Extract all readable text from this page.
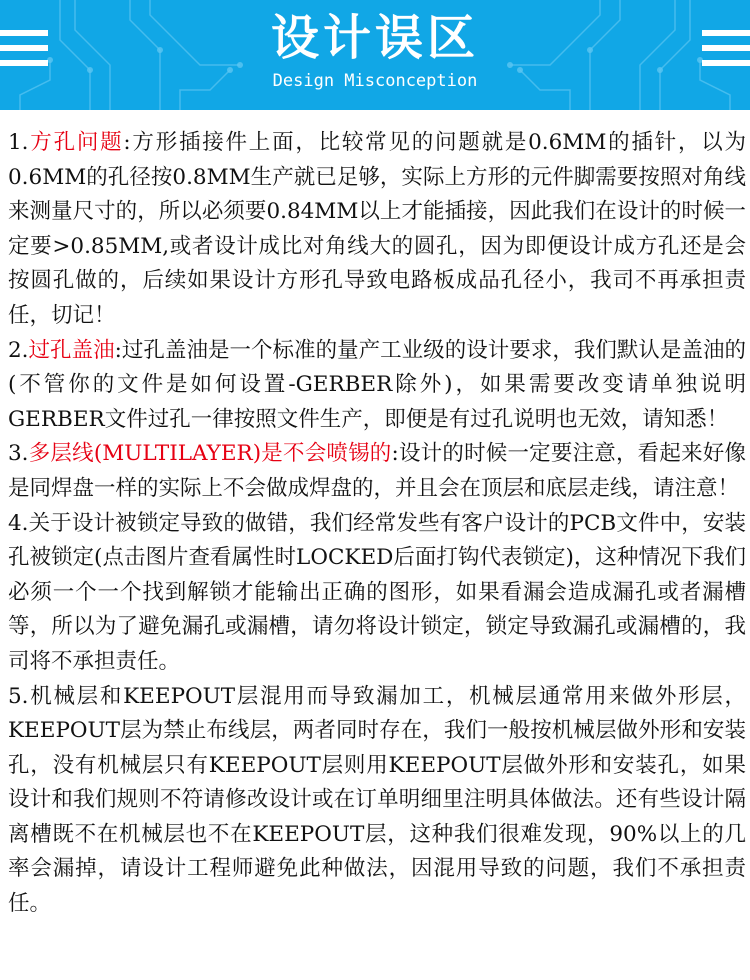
设计误区
Design Misconception

1.方孔问题:方形插接件上面，比较常见的问题就是0.6MM的插针，以为0.6MM的孔径按0.8MM生产就已足够，实际上方形的元件脚需要按照对角线来测量尺寸的，所以必须要0.84MM以上才能插接，因此我们在设计的时候一定要>0.85MM,或者设计成比对角线大的圆孔，因为即便设计成方孔还是会按圆孔做的，后续如果设计方形孔导致电路板成品孔径小，我司不再承担责任，切记！

2.过孔盖油:过孔盖油是一个标准的量产工业级的设计要求，我们默认是盖油的(不管你的文件是如何设置-GERBER除外)，如果需要改变请单独说明GERBER文件过孔一律按照文件生产，即便是有过孔说明也无效，请知悉！

3.多层线(MULTILAYER)是不会喷锡的:设计的时候一定要注意，看起来好像是同焊盘一样的实际上不会做成焊盘的，并且会在顶层和底层走线，请注意！

4.关于设计被锁定导致的做错，我们经常发些有客户设计的PCB文件中，安装孔被锁定(点击图片查看属性时LOCKED后面打钩代表锁定)，这种情况下我们必须一个一个找到解锁才能输出正确的图形，如果看漏会造成漏孔或者漏槽等，所以为了避免漏孔或漏槽，请勿将设计锁定，锁定导致漏孔或漏槽的，我司将不承担责任。

5.机械层和KEEPOUT层混用而导致漏加工，机械层通常用来做外形层，KEEPOUT层为禁止布线层，两者同时存在，我们一般按机械层做外形和安装孔，没有机械层只有KEEPOUT层则用KEEPOUT层做外形和安装孔，如果设计和我们规则不符请修改设计或在订单明细里注明具体做法。还有些设计隔离槽既不在机械层也不在KEEPOUT层，这种我们很难发现，90%以上的几率会漏掉，请设计工程师避免此种做法，因混用导致的问题，我们不承担责任。
